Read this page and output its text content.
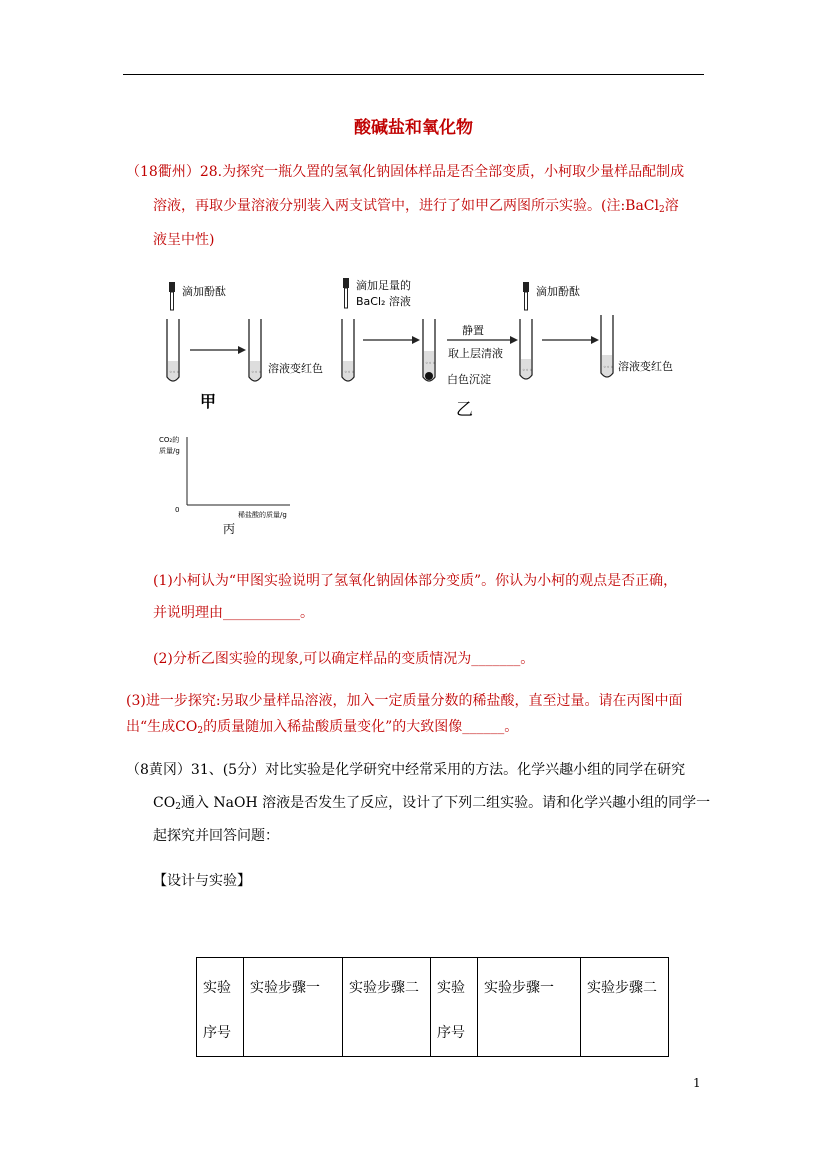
酸碱盐和氧化物
（18衢州）28.为探究一瓶久置的氢氧化钠固体样品是否全部变质，小柯取少量样品配制成
溶液，再取少量溶液分别装入两支试管中，进行了如甲乙两图所示实验。(注:BaCl$_2$溶
液呈中性)
滴加酚酞
◦◦◦	◦◦◦ 溶液变红色
甲
滴加足量的
BaCl₂ 溶液
◦◦◦
◦◦◦
白色沉淀
静置
取上层清液
乙
滴加酚酞
◦◦◦	◦◦◦ 溶液变红色
CO₂的
质量/g
0
稀盐酸的质量/g
丙
(1)小柯认为“甲图实验说明了氢氧化钠固体部分变质”。你认为小柯的观点是否正确，
并说明理由___________。
(2)分析乙图实验的现象,可以确定样品的变质情况为_______。
(3)进一步探究:另取少量样品溶液，加入一定质量分数的稀盐酸，直至过量。请在丙图中面
出“生成$CO_2$的质量随加入稀盐酸质量变化”的大致图像______。
（8黄冈）31、(5分）对比实验是化学研究中经常采用的方法。化学兴趣小组的同学在研究
$CO_2$通入 NaOH 溶液是否发生了反应，设计了下列二组实验。请和化学兴趣小组的同学一
起探究并回答问题：
【设计与实验】
实验序号	实验步骤一	实验步骤二	实验序号	实验步骤一	实验步骤二
1
